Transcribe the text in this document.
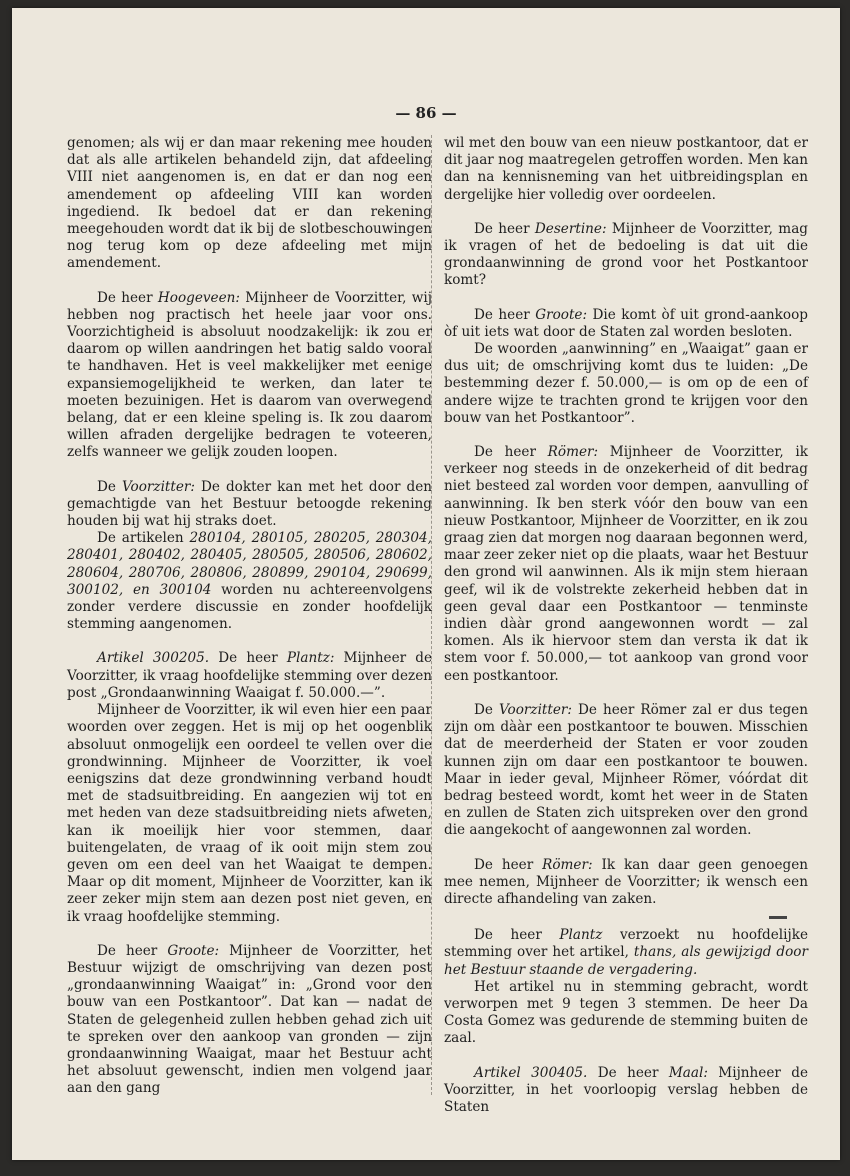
— 86 —

genomen; als wij er dan maar rekening mee houden dat als alle artikelen behandeld zijn, dat afdeeling VIII niet aangenomen is, en dat er dan nog een amendement op afdeeling VIII kan worden ingediend. Ik bedoel dat er dan rekening meegehouden wordt dat ik bij de slotbeschouwingen nog terug kom op deze afdeeling met mijn amendement.

De heer Hoogeveen: Mijnheer de Voorzitter, wij hebben nog practisch het heele jaar voor ons. Voorzichtigheid is absoluut noodzakelijk: ik zou er daarom op willen aandringen het batig saldo vooral te handhaven. Het is veel makkelijker met eenige expansiemogelijkheid te werken, dan later te moeten bezuinigen. Het is daarom van overwegend belang, dat er een kleine speling is. Ik zou daarom willen afraden dergelijke bedragen te voteeren, zelfs wanneer we gelijk zouden loopen.

De Voorzitter: De dokter kan met het door den gemachtigde van het Bestuur betoogde rekening houden bij wat hij straks doet.

De artikelen 280104, 280105, 280205, 280304, 280401, 280402, 280405, 280505, 280506, 280602, 280604, 280706, 280806, 280899, 290104, 290699, 300102, en 300104 worden nu achtereenvolgens zonder verdere discussie en zonder hoofdelijk stemming aangenomen.

Artikel 300205. De heer Plantz: Mijnheer de Voorzitter, ik vraag hoofdelijke stemming over dezen post „Grondaanwinning Waaigat f. 50.000.—”.

Mijnheer de Voorzitter, ik wil even hier een paar woorden over zeggen. Het is mij op het oogenblik absoluut onmogelijk een oordeel te vellen over die grondwinning. Mijnheer de Voorzitter, ik voel eenigszins dat deze grondwinning verband houdt met de stadsuitbreiding. En aangezien wij tot en met heden van deze stadsuitbreiding niets afweten, kan ik moeilijk hier voor stemmen, daar buitengelaten, de vraag of ik ooit mijn stem zou geven om een deel van het Waaigat te dempen. Maar op dit moment, Mijnheer de Voorzitter, kan ik zeer zeker mijn stem aan dezen post niet geven, en ik vraag hoofdelijke stemming.

De heer Groote: Mijnheer de Voorzitter, het Bestuur wijzigt de omschrijving van dezen post „grondaanwinning Waaigat” in: „Grond voor den bouw van een Postkantoor”. Dat kan — nadat de Staten de gelegenheid zullen hebben gehad zich uit te spreken over den aankoop van gronden — zijn grondaanwinning Waaigat, maar het Bestuur acht het absoluut gewenscht, indien men volgend jaar aan den gang

wil met den bouw van een nieuw postkantoor, dat er dit jaar nog maatregelen getroffen worden. Men kan dan na kennisneming van het uitbreidingsplan en dergelijke hier volledig over oordeelen.

De heer Desertine: Mijnheer de Voorzitter, mag ik vragen of het de bedoeling is dat uit die grondaanwinning de grond voor het Postkantoor komt?

De heer Groote: Die komt òf uit grond-aankoop òf uit iets wat door de Staten zal worden besloten.

De woorden „aanwinning” en „Waaigat” gaan er dus uit; de omschrijving komt dus te luiden: „De bestemming dezer f. 50.000,— is om op de een of andere wijze te trachten grond te krijgen voor den bouw van het Postkantoor”.

De heer Römer: Mijnheer de Voorzitter, ik verkeer nog steeds in de onzekerheid of dit bedrag niet besteed zal worden voor dempen, aanvulling of aanwinning. Ik ben sterk vóór den bouw van een nieuw Postkantoor, Mijnheer de Voorzitter, en ik zou graag zien dat morgen nog daaraan begonnen werd, maar zeer zeker niet op die plaats, waar het Bestuur den grond wil aanwinnen. Als ik mijn stem hieraan geef, wil ik de volstrekte zekerheid hebben dat in geen geval daar een Postkantoor — tenminste indien dààr grond aangewonnen wordt — zal komen. Als ik hiervoor stem dan versta ik dat ik stem voor f. 50.000,— tot aankoop van grond voor een postkantoor.

De Voorzitter: De heer Römer zal er dus tegen zijn om dààr een postkantoor te bouwen. Misschien dat de meerderheid der Staten er voor zouden kunnen zijn om daar een postkantoor te bouwen. Maar in ieder geval, Mijnheer Römer, vóórdat dit bedrag besteed wordt, komt het weer in de Staten en zullen de Staten zich uitspreken over den grond die aangekocht of aangewonnen zal worden.

De heer Römer: Ik kan daar geen genoegen mee nemen, Mijnheer de Voorzitter; ik wensch een directe afhandeling van zaken.

De heer Plantz verzoekt nu hoofdelijke stemming over het artikel, thans, als gewijzigd door het Bestuur staande de vergadering.

Het artikel nu in stemming gebracht, wordt verworpen met 9 tegen 3 stemmen. De heer Da Costa Gomez was gedurende de stemming buiten de zaal.

Artikel 300405. De heer Maal: Mijnheer de Voorzitter, in het voorloopig verslag hebben de Staten
